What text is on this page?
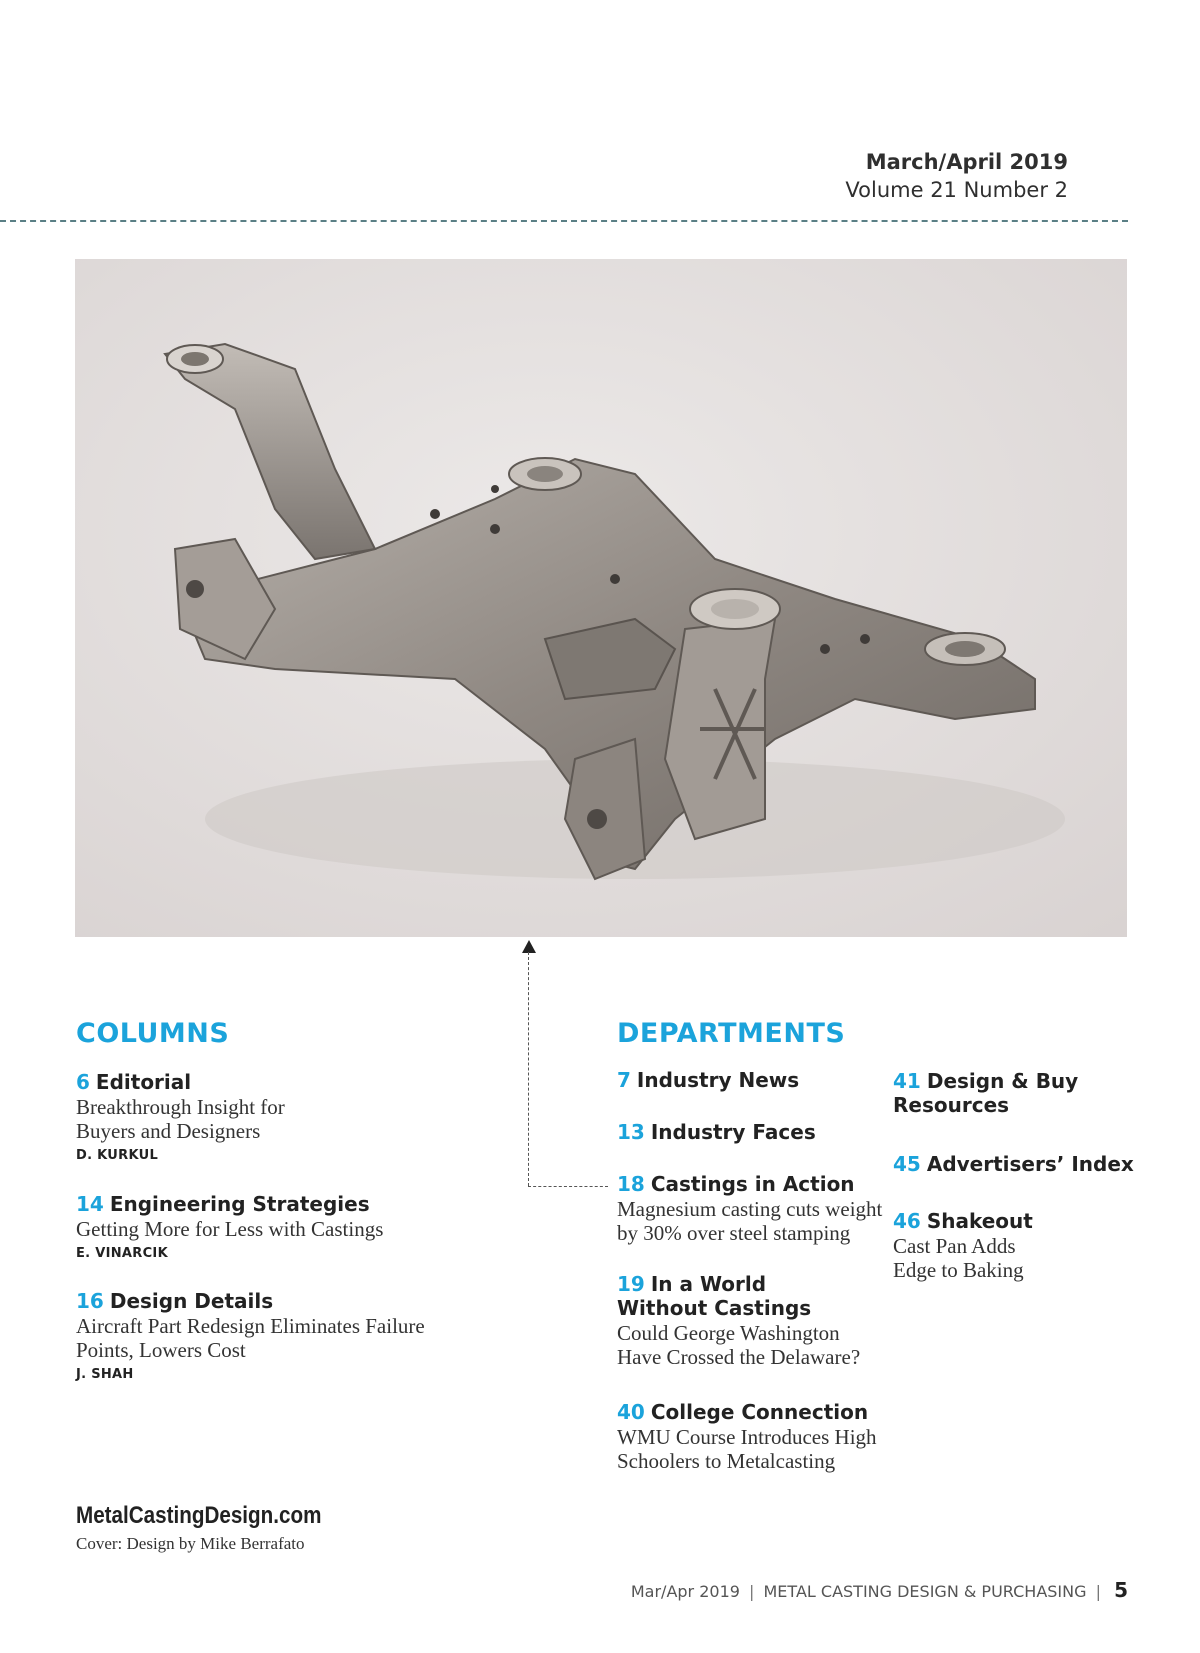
March/April 2019
Volume 21 Number 2
COLUMNS
6 Editorial
Breakthrough Insight for
Buyers and Designers
D. KURKUL
14 Engineering Strategies
Getting More for Less with Castings
E. VINARCIK
16 Design Details
Aircraft Part Redesign Eliminates Failure
Points, Lowers Cost
J. SHAH
DEPARTMENTS
7 Industry News
13 Industry Faces
18 Castings in Action
Magnesium casting cuts weight
by 30% over steel stamping
19 In a World
Without Castings
Could George Washington
Have Crossed the Delaware?
40 College Connection
WMU Course Introduces High
Schoolers to Metalcasting
41 Design & Buy
Resources
45 Advertisers’ Index
46 Shakeout
Cast Pan Adds
Edge to Baking
MetalCastingDesign.com
Cover: Design by Mike Berrafato
Mar/Apr 2019 | METAL CASTING DESIGN & PURCHASING | 5
